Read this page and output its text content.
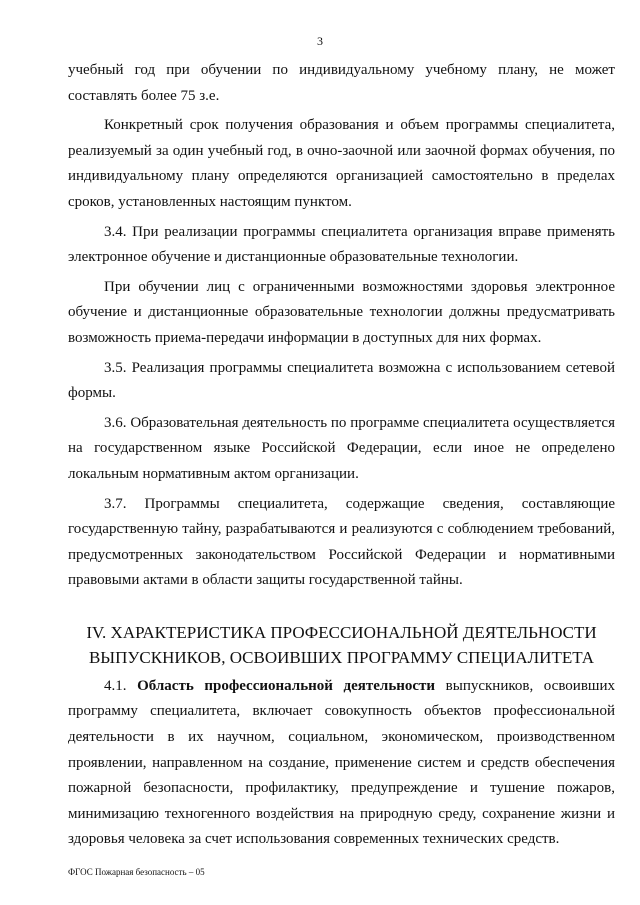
3

учебный год при обучении по индивидуальному учебному плану, не может составлять более 75 з.е.

Конкретный срок получения образования и объем программы специалитета, реализуемый за один учебный год, в очно-заочной или заочной формах обучения, по индивидуальному плану определяются организацией самостоятельно в пределах сроков, установленных настоящим пунктом.

3.4. При реализации программы специалитета организация вправе применять электронное обучение и дистанционные образовательные технологии.

При обучении лиц с ограниченными возможностями здоровья электронное обучение и дистанционные образовательные технологии должны предусматривать возможность приема-передачи информации в доступных для них формах.

3.5. Реализация программы специалитета возможна с использованием сетевой формы.

3.6. Образовательная деятельность по программе специалитета осуществляется на государственном языке Российской Федерации, если иное не определено локальным нормативным актом организации.

3.7. Программы специалитета, содержащие сведения, составляющие государственную тайну, разрабатываются и реализуются с соблюдением требований, предусмотренных законодательством Российской Федерации и нормативными правовыми актами в области защиты государственной тайны.

IV. ХАРАКТЕРИСТИКА ПРОФЕССИОНАЛЬНОЙ ДЕЯТЕЛЬНОСТИ
ВЫПУСКНИКОВ, ОСВОИВШИХ ПРОГРАММУ СПЕЦИАЛИТЕТА

4.1. Область профессиональной деятельности выпускников, освоивших программу специалитета, включает совокупность объектов профессиональной деятельности в их научном, социальном, экономическом, производственном проявлении, направленном на создание, применение систем и средств обеспечения пожарной безопасности, профилактику, предупреждение и тушение пожаров, минимизацию техногенного воздействия на природную среду, сохранение жизни и здоровья человека за счет использования современных технических средств.

ФГОС Пожарная безопасность – 05
